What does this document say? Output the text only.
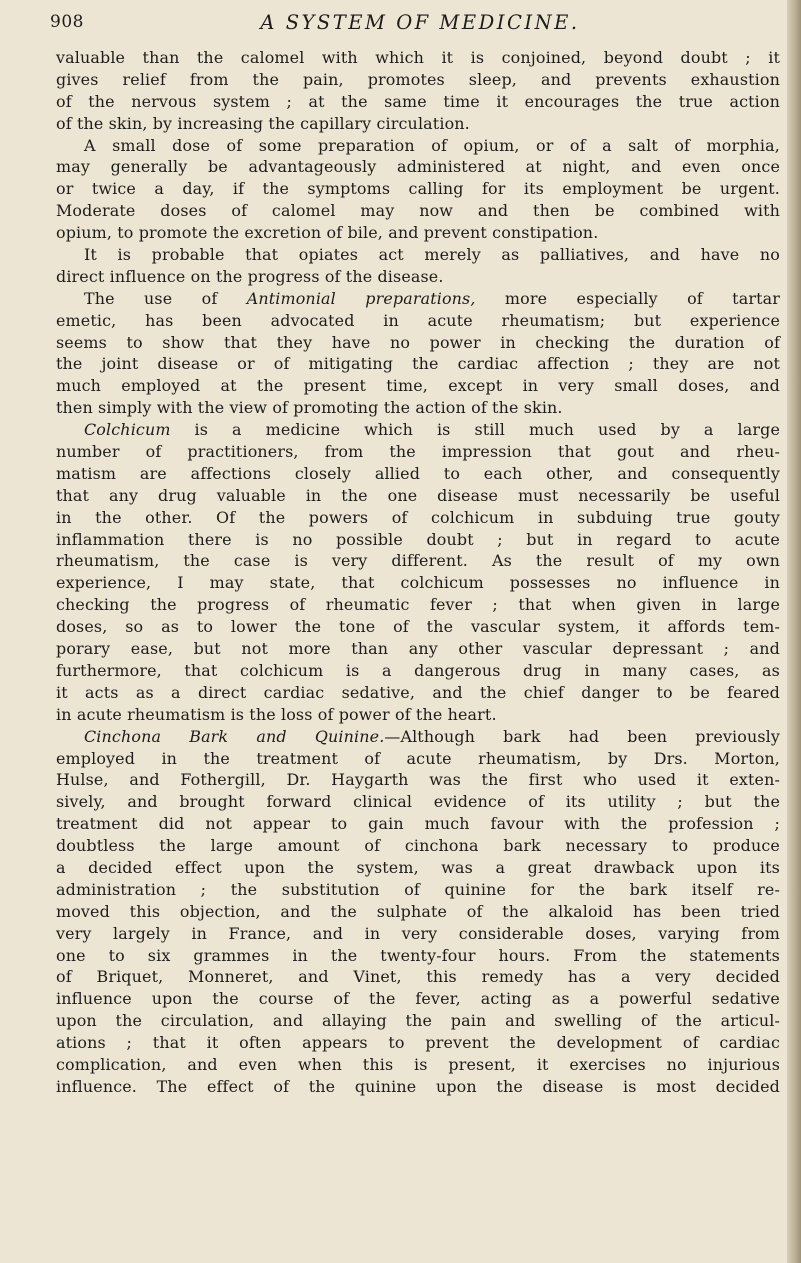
908	A SYSTEM OF MEDICINE.

valuable than the calomel with which it is conjoined, beyond doubt ; it

gives relief from the pain, promotes sleep, and prevents exhaustion

of the nervous system ; at the same time it encourages the true action

of the skin, by increasing the capillary circulation.

A small dose of some preparation of opium, or of a salt of morphia,

may generally be advantageously administered at night, and even once

or twice a day, if the symptoms calling for its employment be urgent.

Moderate doses of calomel may now and then be combined with

opium, to promote the excretion of bile, and prevent constipation.

It is probable that opiates act merely as palliatives, and have no

direct influence on the progress of the disease.

The use of Antimonial preparations, more especially of tartar

emetic, has been advocated in acute rheumatism; but experience

seems to show that they have no power in checking the duration of

the joint disease or of mitigating the cardiac affection ; they are not

much employed at the present time, except in very small doses, and

then simply with the view of promoting the action of the skin.

Colchicum is a medicine which is still much used by a large

number of practitioners, from the impression that gout and rheu-

matism are affections closely allied to each other, and consequently

that any drug valuable in the one disease must necessarily be useful

in the other. Of the powers of colchicum in subduing true gouty

inflammation there is no possible doubt ; but in regard to acute

rheumatism, the case is very different. As the result of my own

experience, I may state, that colchicum possesses no influence in

checking the progress of rheumatic fever ; that when given in large

doses, so as to lower the tone of the vascular system, it affords tem-

porary ease, but not more than any other vascular depressant ; and

furthermore, that colchicum is a dangerous drug in many cases, as

it acts as a direct cardiac sedative, and the chief danger to be feared

in acute rheumatism is the loss of power of the heart.

Cinchona Bark and Quinine.—Although bark had been previously

employed in the treatment of acute rheumatism, by Drs. Morton,

Hulse, and Fothergill, Dr. Haygarth was the first who used it exten-

sively, and brought forward clinical evidence of its utility ; but the

treatment did not appear to gain much favour with the profession ;

doubtless the large amount of cinchona bark necessary to produce

a decided effect upon the system, was a great drawback upon its

administration ; the substitution of quinine for the bark itself re-

moved this objection, and the sulphate of the alkaloid has been tried

very largely in France, and in very considerable doses, varying from

one to six grammes in the twenty-four hours. From the statements

of Briquet, Monneret, and Vinet, this remedy has a very decided

influence upon the course of the fever, acting as a powerful sedative

upon the circulation, and allaying the pain and swelling of the articul-

ations ; that it often appears to prevent the development of cardiac

complication, and even when this is present, it exercises no injurious

influence. The effect of the quinine upon the disease is most decided
